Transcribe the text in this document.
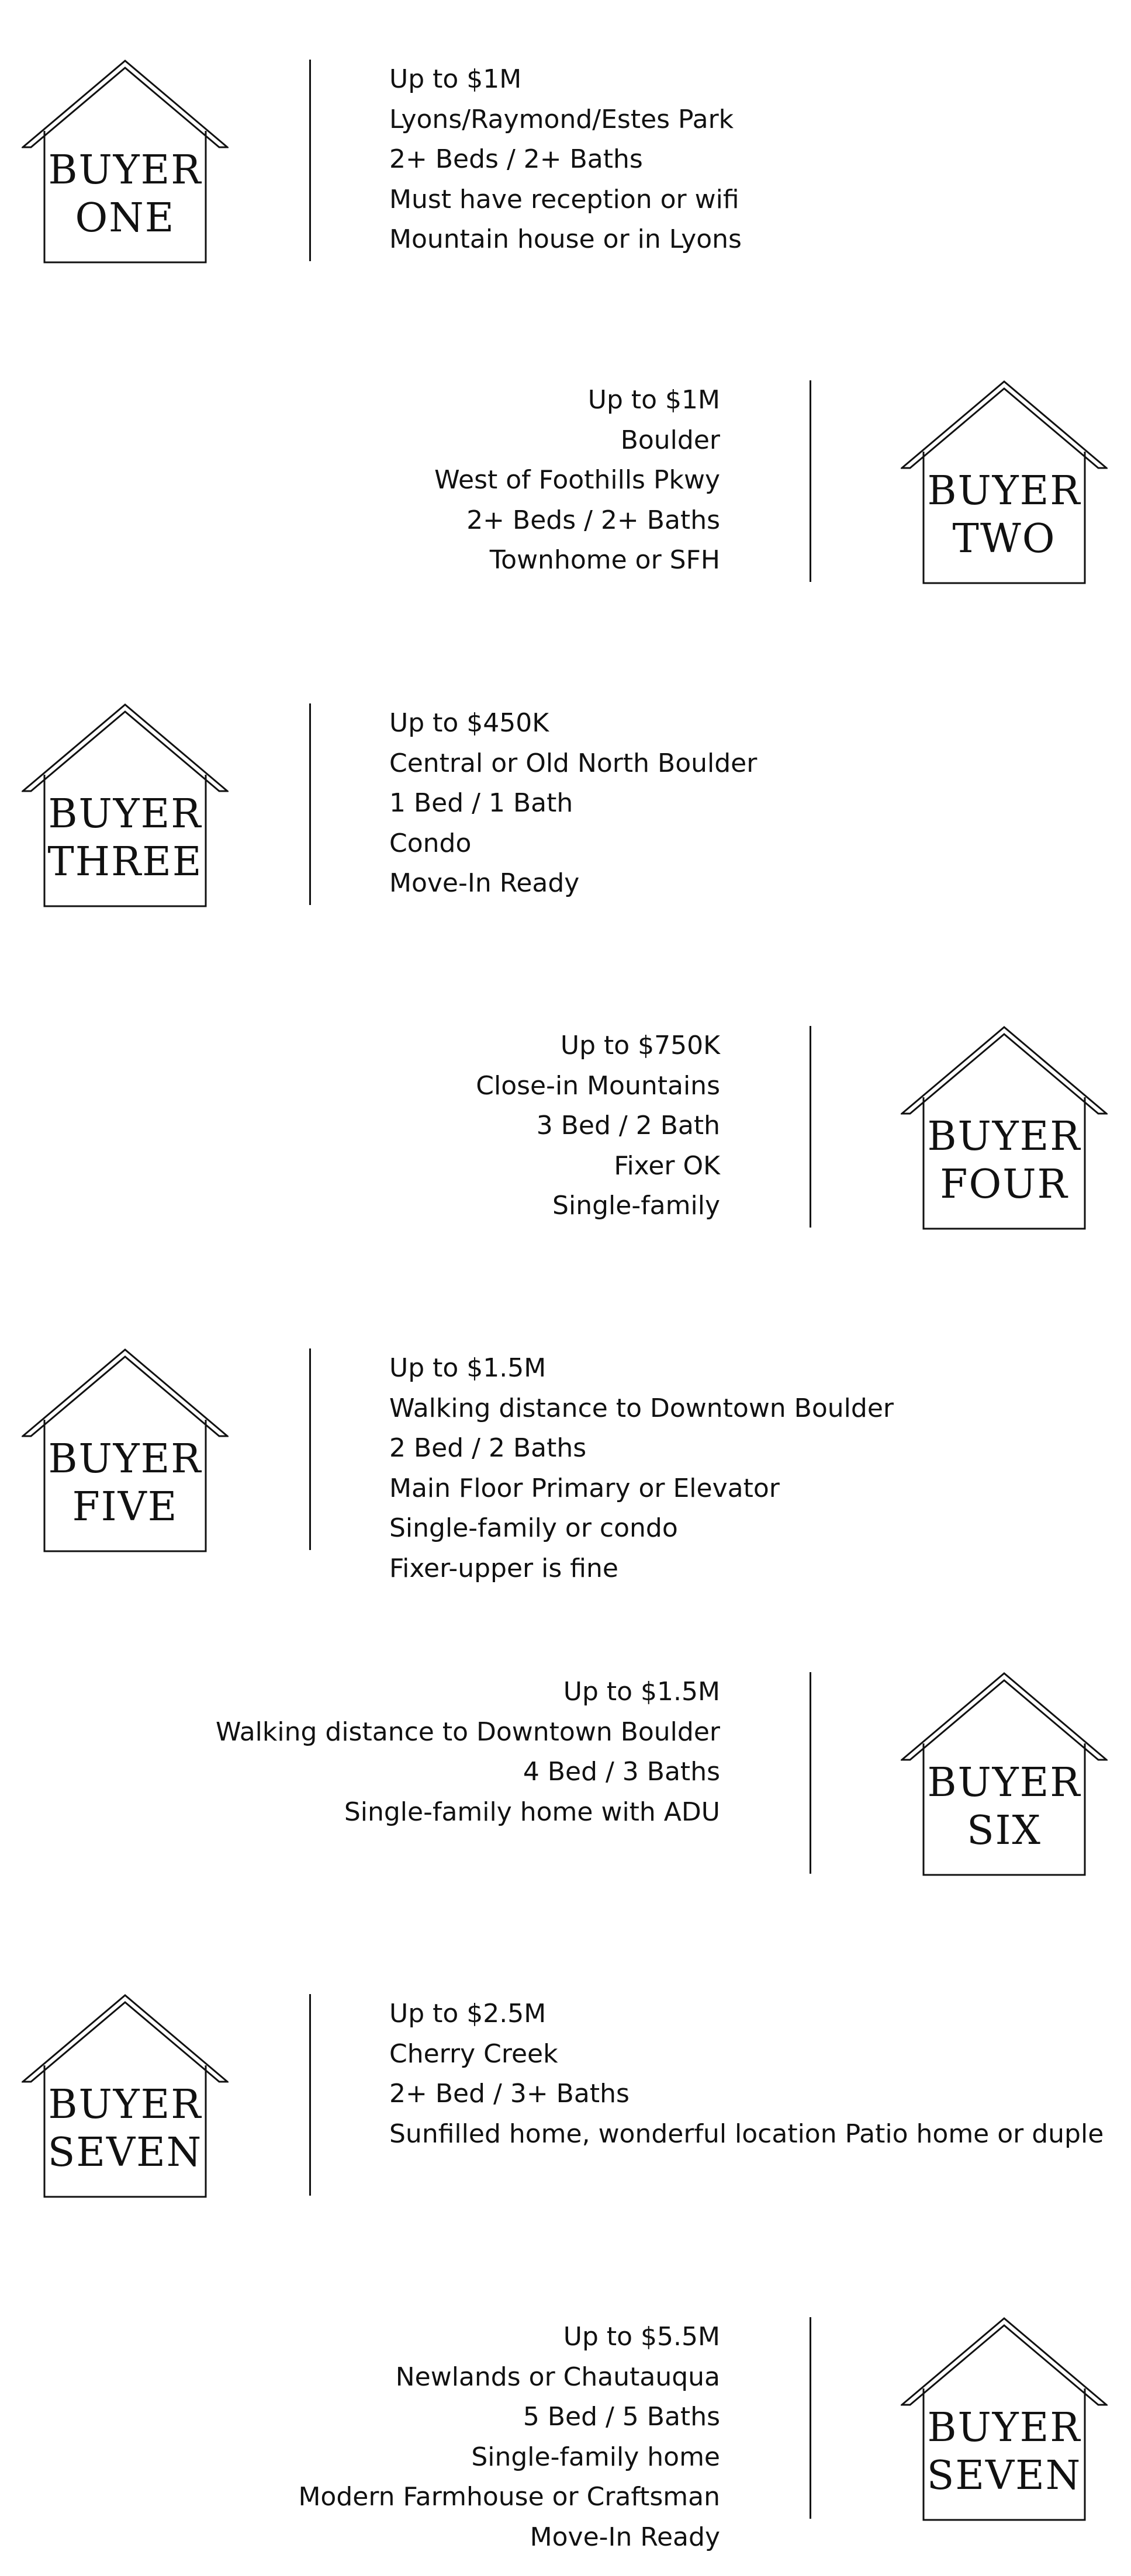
BUYER
ONE
Up to $1M
Lyons/Raymond/Estes Park
2+ Beds / 2+ Baths
Must have reception or wifi
Mountain house or in Lyons
BUYER
TWO
Up to $1M
Boulder
West of Foothills Pkwy
2+ Beds / 2+ Baths
Townhome or SFH
BUYER
THREE
Up to $450K
Central or Old North Boulder
1 Bed / 1 Bath
Condo
Move-In Ready
BUYER
FOUR
Up to $750K
Close-in Mountains
3 Bed / 2 Bath
Fixer OK
Single-family
BUYER
FIVE
Up to $1.5M
Walking distance to Downtown Boulder
2 Bed / 2 Baths
Main Floor Primary or Elevator
Single-family or condo
Fixer-upper is fine
BUYER
SIX
Up to $1.5M
Walking distance to Downtown Boulder
4 Bed / 3 Baths
Single-family home with ADU
BUYER
SEVEN
Up to $2.5M
Cherry Creek
2+ Bed / 3+ Baths
Sunfilled home, wonderful location Patio home or duple
BUYER
SEVEN
Up to $5.5M
Newlands or Chautauqua
5 Bed / 5 Baths
Single-family home
Modern Farmhouse or Craftsman
Move-In Ready
